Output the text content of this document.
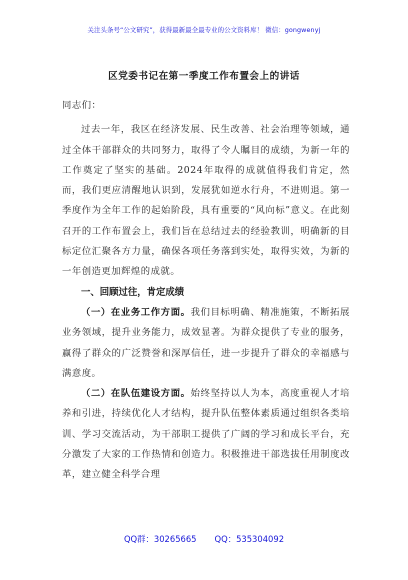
关注头条号“公文研究”，获得最新最全最专业的公文资料库！ 微信：gongwenyj
区党委书记在第一季度工作布置会上的讲话

同志们：

过去一年，我区在经济发展、民生改善、社会治理等领域，通过全体干部群众的共同努力，取得了令人瞩目的成绩，为新一年的工作奠定了坚实的基础。2024年取得的成就值得我们肯定，然而，我们更应清醒地认识到，发展犹如逆水行舟，不进则退。第一季度作为全年工作的起始阶段，具有重要的“风向标”意义。在此刻召开的工作布置会上，我们旨在总结过去的经验教训，明确新的目标定位汇聚各方力量，确保各项任务落到实处，取得实效，为新的一年创造更加辉煌的成就。

一、回顾过往，肯定成绩

（一）在业务工作方面。我们目标明确、精准施策，不断拓展业务领域，提升业务能力，成效显著。为群众提供了专业的服务，赢得了群众的广泛赞誉和深厚信任，进一步提升了群众的幸福感与满意度。

（二）在队伍建设方面。始终坚持以人为本，高度重视人才培养和引进，持续优化人才结构，提升队伍整体素质通过组织各类培训、学习交流活动，为干部职工提供了广阔的学习和成长平台，充分激发了大家的工作热情和创造力。积极推进干部选拔任用制度改革，建立健全科学合理

QQ群：30265665 QQ：535304092
